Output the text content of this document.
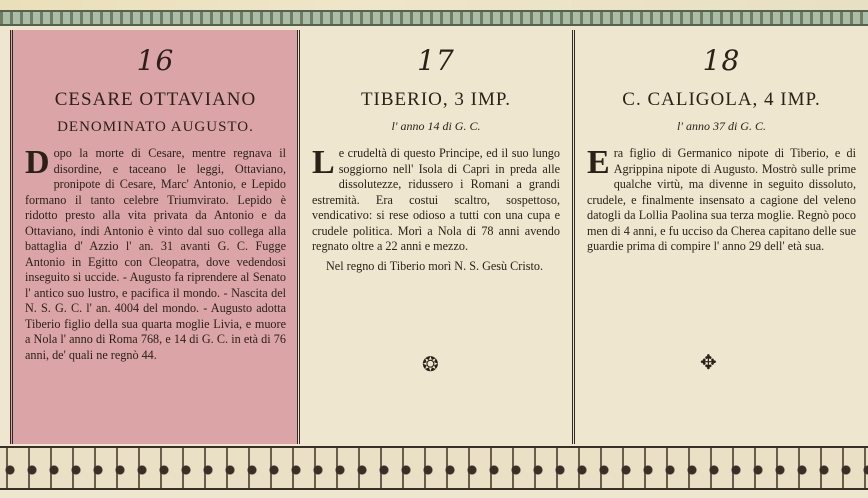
16
CESARE OTTAVIANO
DENOMINATO AUGUSTO.

Dopo la morte di Cesare, mentre regnava il disordine, e taceano le leggi, Ottaviano, pronipote di Cesare, Marc' Antonio, e Lepido formano il tanto celebre Triumvirato. Lepido è ridotto presto alla vita privata da Antonio e da Ottaviano, indi Antonio è vinto dal suo collega alla battaglia d' Azzio l' an. 31 avanti G. C. Fugge Antonio in Egitto con Cleopatra, dove vedendosi inseguito si uccide. - Augusto fa riprendere al Senato l' antico suo lustro, e pacifica il mondo. - Nascita del N. S. G. C. l' an. 4004 del mondo. - Augusto adotta Tiberio figlio della sua quarta moglie Livia, e muore a Nola l' anno di Roma 768, e 14 di G. C. in età di 76 anni, de' quali ne regnò 44.

17
TIBERIO, 3 IMP.
l' anno 14 di G. C.

Le crudeltà di questo Principe, ed il suo lungo soggiorno nell' Isola di Capri in preda alle dissolutezze, ridussero i Romani a grandi estremità. Era costui scaltro, sospettoso, vendicativo: si rese odioso a tutti con una cupa e crudele politica. Morì a Nola di 78 anni avendo regnato oltre a 22 anni e mezzo.

Nel regno di Tiberio morì N. S. Gesù Cristo.

❂
18
C. CALIGOLA, 4 IMP.
l' anno 37 di G. C.

Era figlio di Germanico nipote di Tiberio, e di Agrippina nipote di Augusto. Mostrò sulle prime qualche virtù, ma divenne in seguito dissoluto, crudele, e finalmente insensato a cagione del veleno datogli da Lollia Paolina sua terza moglie. Regnò poco men di 4 anni, e fu ucciso da Cherea capitano delle sue guardie prima di compire l' anno 29 dell' età sua.

✥
